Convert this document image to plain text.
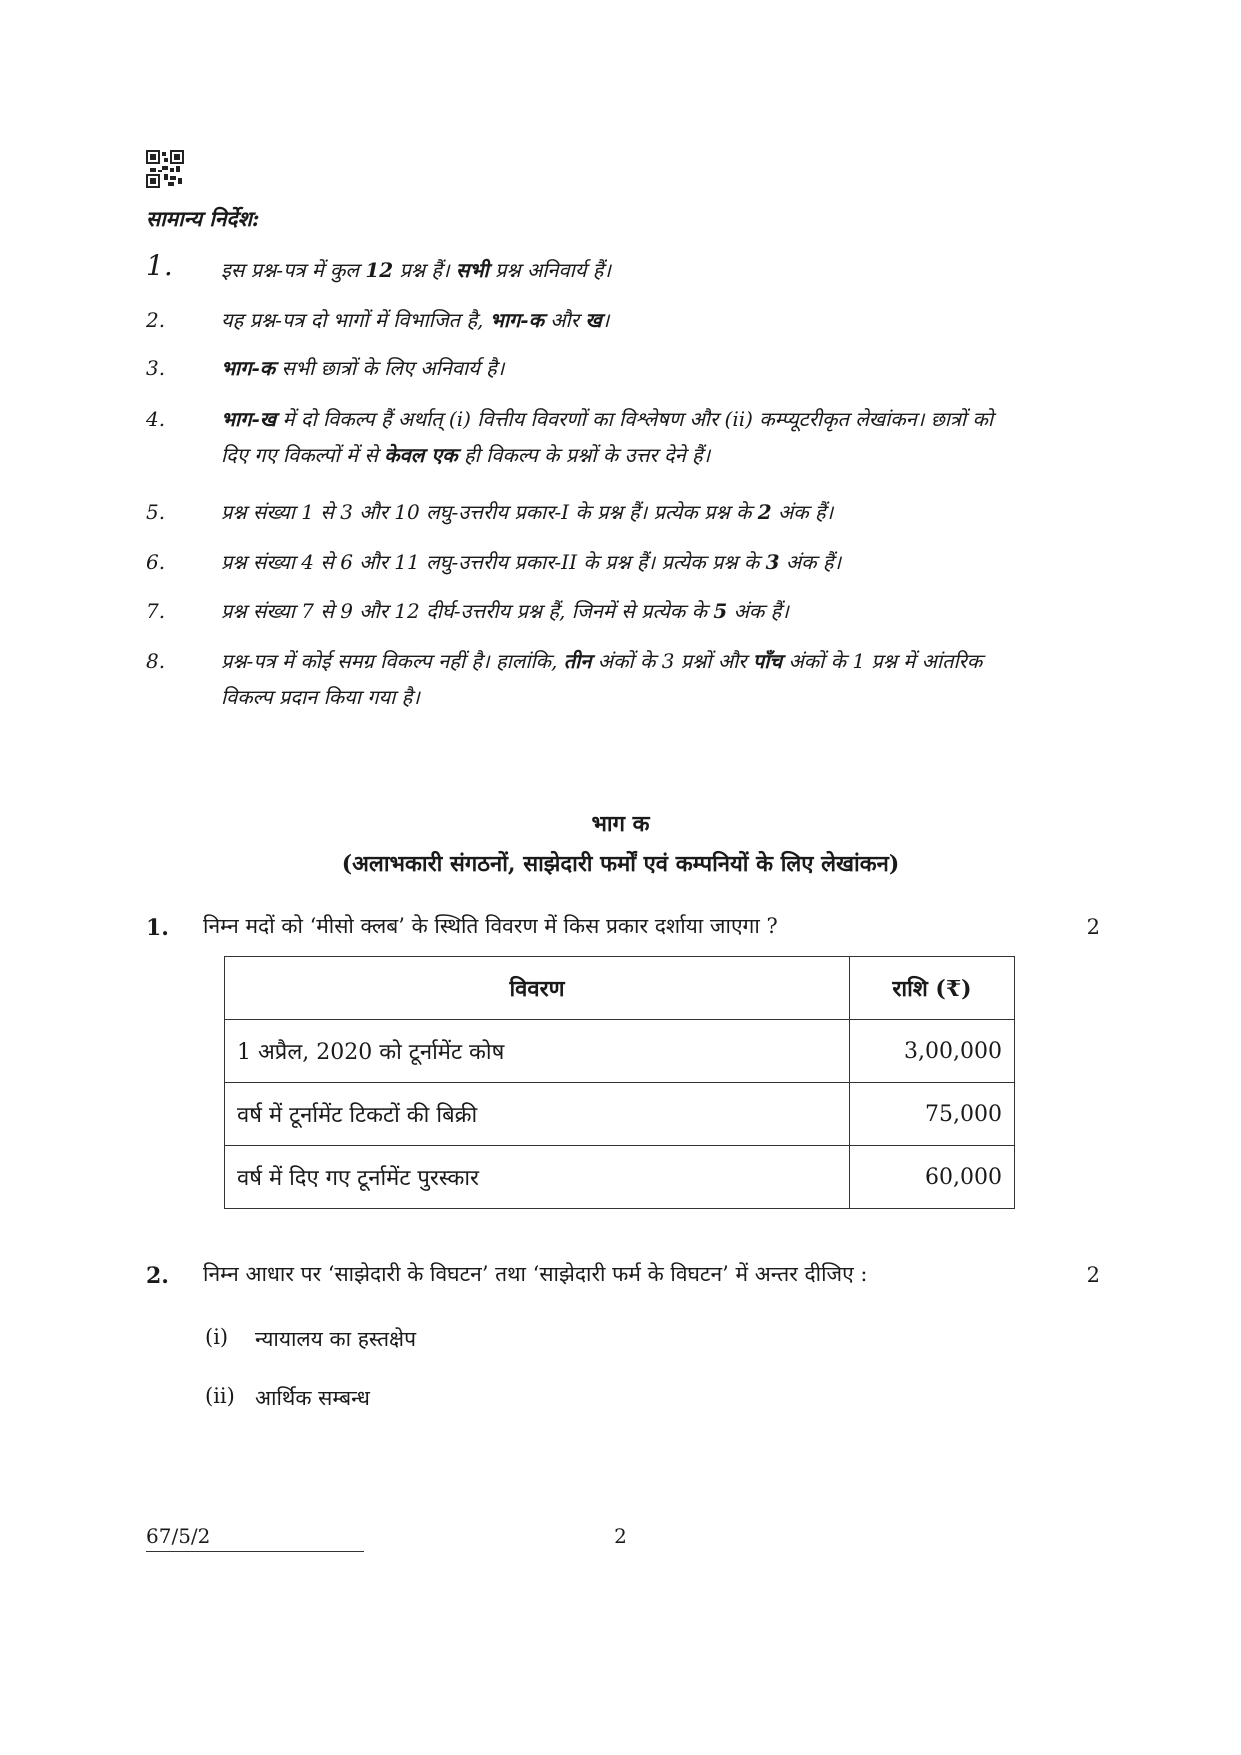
सामान्य निर्देश:
1.	इस प्रश्न-पत्र में कुल 12 प्रश्न हैं। सभी प्रश्न अनिवार्य हैं।
2.	यह प्रश्न-पत्र दो भागों में विभाजित है, भाग-क और ख।
3.	भाग-क सभी छात्रों के लिए अनिवार्य है।
4.	भाग-ख में दो विकल्प हैं अर्थात् (i) वित्तीय विवरणों का विश्लेषण और (ii) कम्प्यूटरीकृत लेखांकन। छात्रों को
दिए गए विकल्पों में से केवल एक ही विकल्प के प्रश्नों के उत्तर देने हैं।
5.	प्रश्न संख्या 1 से 3 और 10 लघु-उत्तरीय प्रकार-I के प्रश्न हैं। प्रत्येक प्रश्न के 2 अंक हैं।
6.	प्रश्न संख्या 4 से 6 और 11 लघु-उत्तरीय प्रकार-II के प्रश्न हैं। प्रत्येक प्रश्न के 3 अंक हैं।
7.	प्रश्न संख्या 7 से 9 और 12 दीर्घ-उत्तरीय प्रश्न हैं, जिनमें से प्रत्येक के 5 अंक हैं।
8.	प्रश्न-पत्र में कोई समग्र विकल्प नहीं है। हालांकि, तीन अंकों के 3 प्रश्नों और पाँच अंकों के 1 प्रश्न में आंतरिक
विकल्प प्रदान किया गया है।
भाग क
(अलाभकारी संगठनों, साझेदारी फर्मों एवं कम्पनियों के लिए लेखांकन)
1. निम्न मदों को ‘मीसो क्लब’ के स्थिति विवरण में किस प्रकार दर्शाया जाएगा ?	2
विवरण	राशि (₹)
1 अप्रैल, 2020 को टूर्नामेंट कोष	3,00,000
वर्ष में टूर्नामेंट टिकटों की बिक्री	75,000
वर्ष में दिए गए टूर्नामेंट पुरस्कार	60,000
2. निम्न आधार पर ‘साझेदारी के विघटन’ तथा ‘साझेदारी फर्म के विघटन’ में अन्तर दीजिए :	2
(i) न्यायालय का हस्तक्षेप
(ii) आर्थिक सम्बन्ध
67/5/2	2
